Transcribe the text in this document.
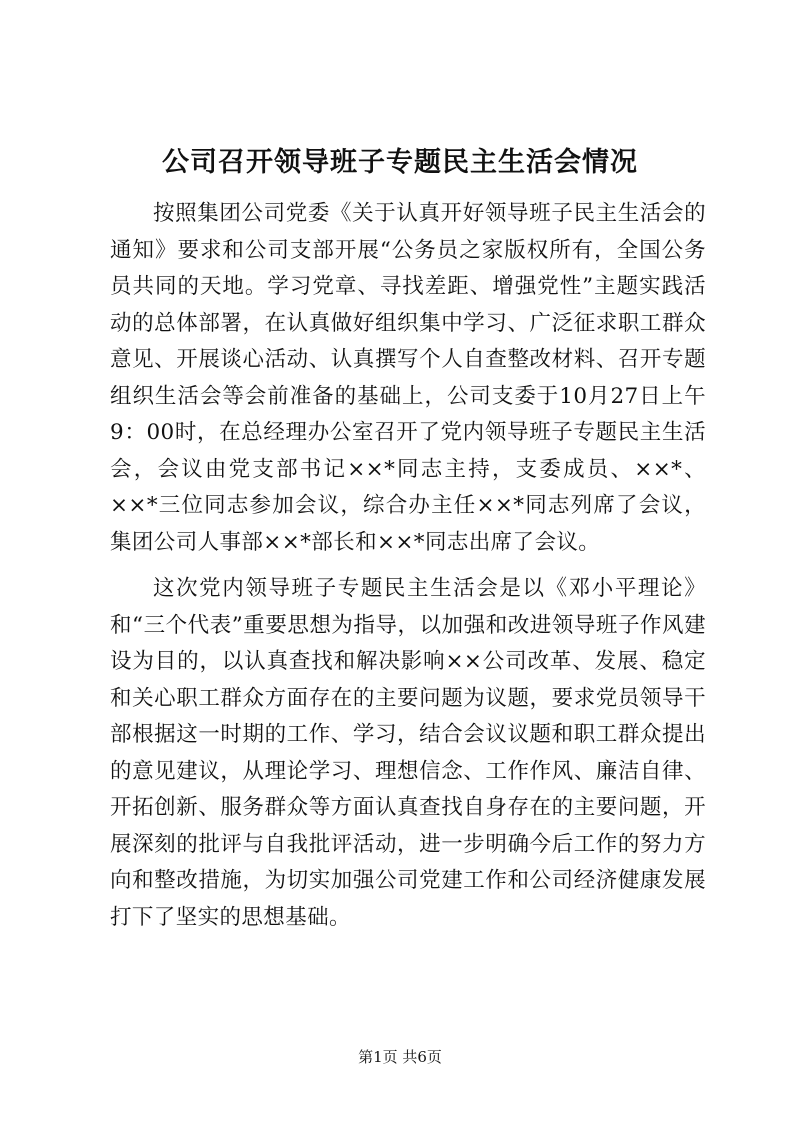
公司召开领导班子专题民主生活会情况

按照集团公司党委《关于认真开好领导班子民主生活会的通知》要求和公司支部开展“公务员之家版权所有，全国公务员共同的天地。学习党章、寻找差距、增强党性”主题实践活动的总体部署，在认真做好组织集中学习、广泛征求职工群众意见、开展谈心活动、认真撰写个人自查整改材料、召开专题组织生活会等会前准备的基础上，公司支委于10月27日上午9：00时，在总经理办公室召开了党内领导班子专题民主生活会，会议由党支部书记××*同志主持，支委成员、××*、××*三位同志参加会议，综合办主任××*同志列席了会议，集团公司人事部××*部长和××*同志出席了会议。

这次党内领导班子专题民主生活会是以《邓小平理论》和“三个代表”重要思想为指导，以加强和改进领导班子作风建设为目的，以认真查找和解决影响××公司改革、发展、稳定和关心职工群众方面存在的主要问题为议题，要求党员领导干部根据这一时期的工作、学习，结合会议议题和职工群众提出的意见建议，从理论学习、理想信念、工作作风、廉洁自律、开拓创新、服务群众等方面认真查找自身存在的主要问题，开展深刻的批评与自我批评活动，进一步明确今后工作的努力方向和整改措施，为切实加强公司党建工作和公司经济健康发展打下了坚实的思想基础。

第1页 共6页
